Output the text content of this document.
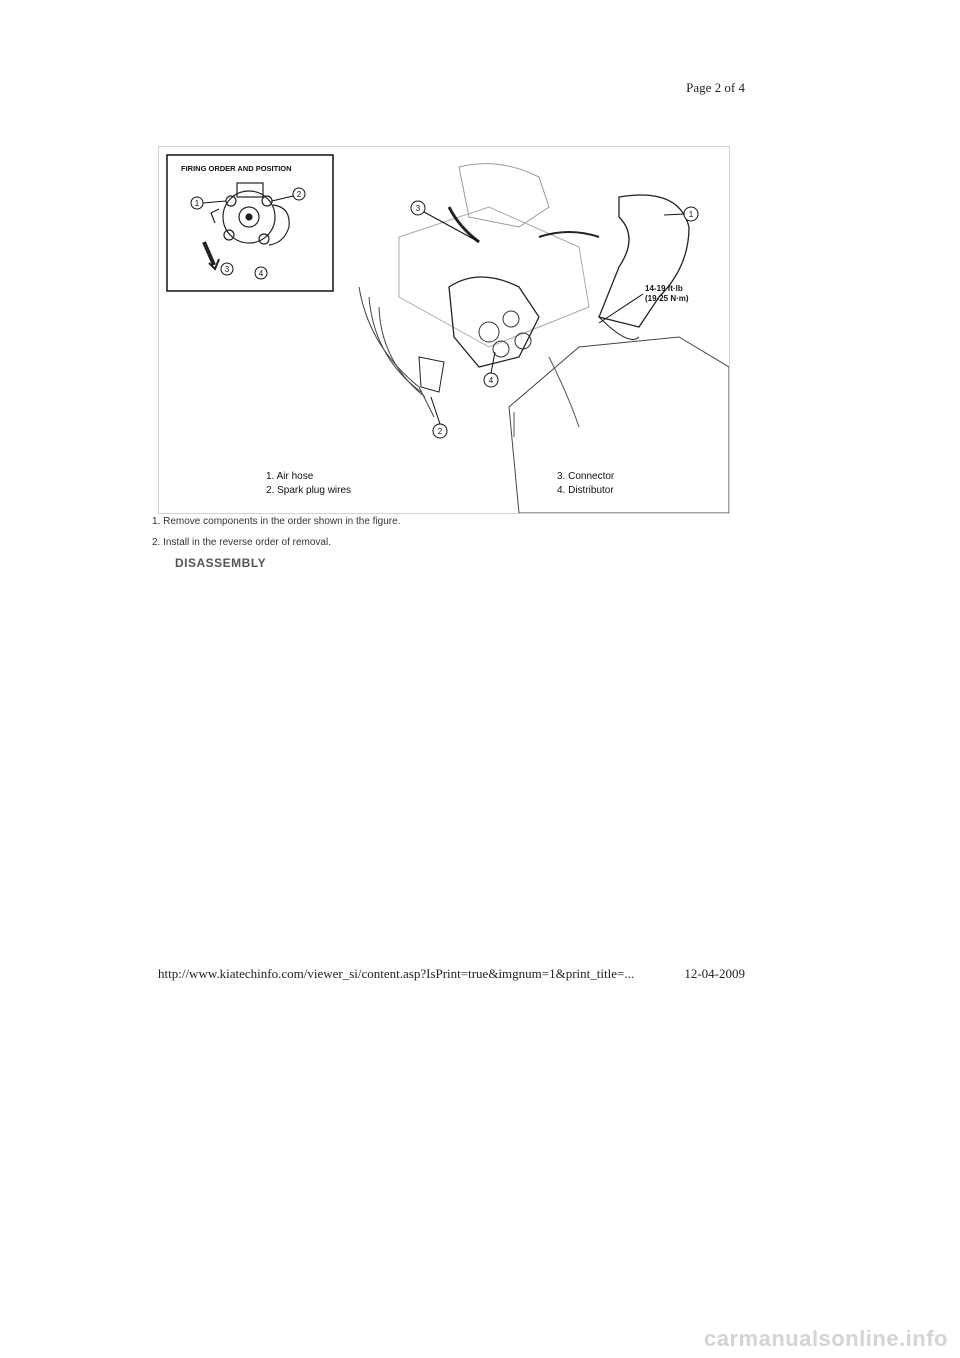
Page 2 of 4
FIRING ORDER AND POSITION
1
2
3	4
1
2
3
4
14-19 ft·lb
(19-25 N·m)
1. Air hose
2. Spark plug wires
3. Connector
4. Distributor
1. Remove components in the order shown in the figure.
2. Install in the reverse order of removal.
DISASSEMBLY
http://www.kiatechinfo.com/viewer_si/content.asp?IsPrint=true&imgnum=1&print_title=...	12-04-2009
carmanualsonline.info
